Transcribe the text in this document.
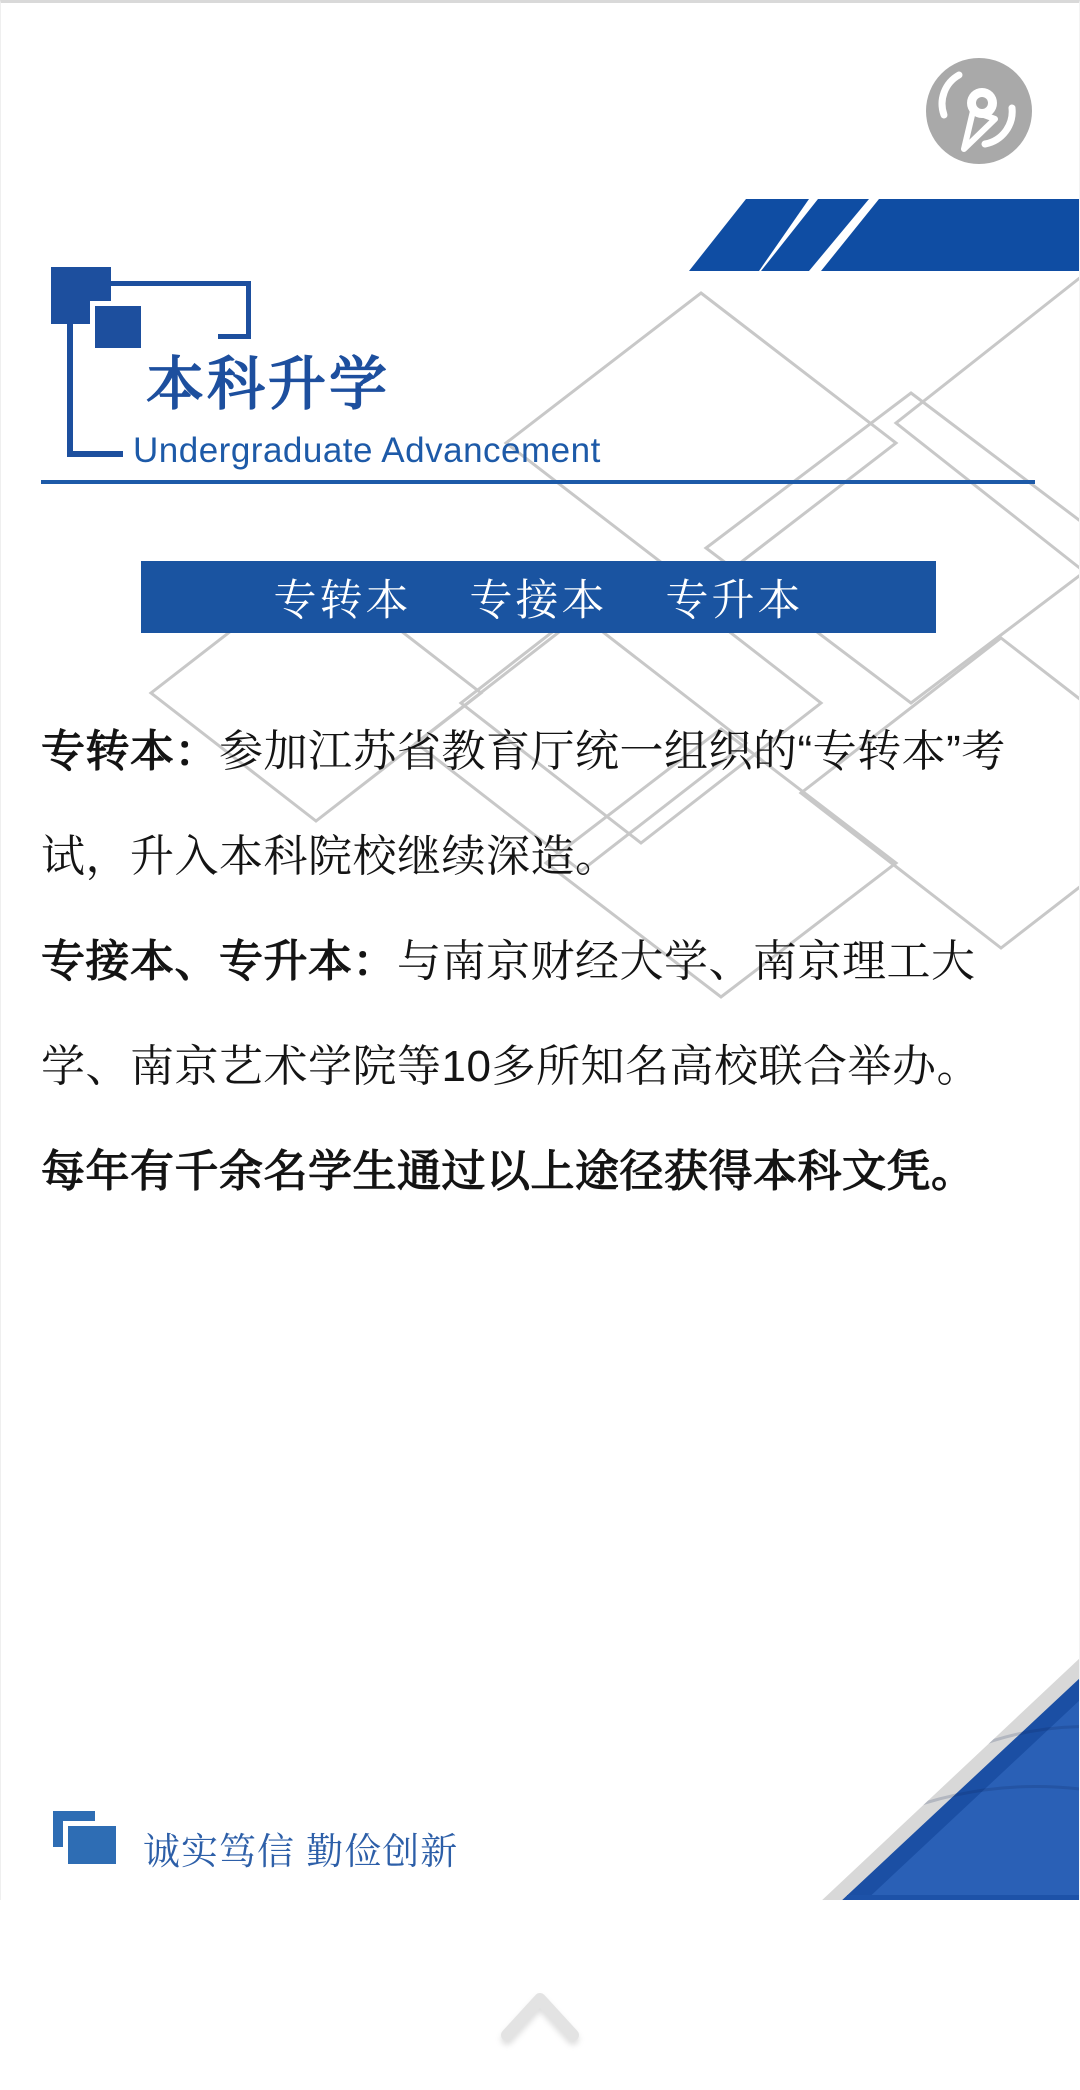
本科升学
Undergraduate Advancement
专转本 专接本 专升本
专转本：参加江苏省教育厅统一组织的“专转本”考
试，升入本科院校继续深造。
专接本、专升本：与南京财经大学、南京理工大
学、南京艺术学院等10多所知名高校联合举办。
每年有千余名学生通过以上途径获得本科文凭。
诚实笃信 勤俭创新
